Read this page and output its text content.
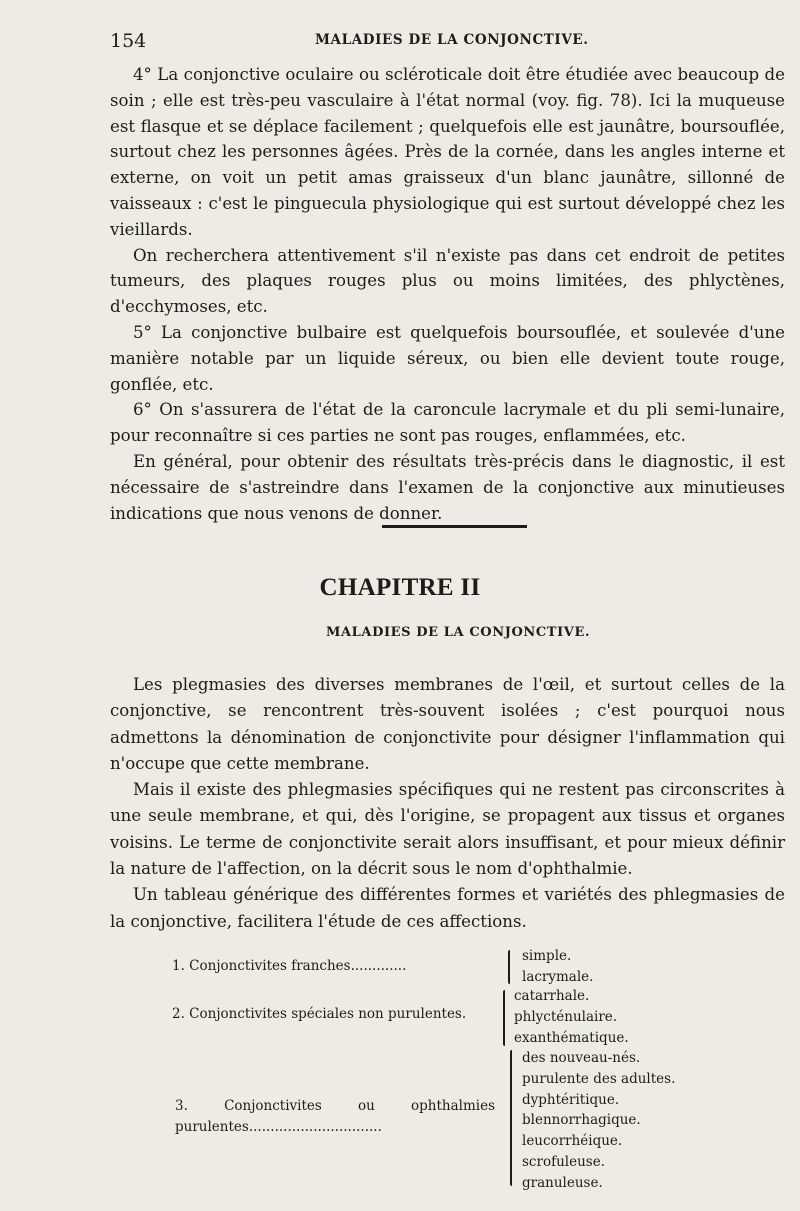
154	MALADIES DE LA CONJONCTIVE.

4° La conjonctive oculaire ou scléroticale doit être étudiée avec beaucoup de soin ; elle est très-peu vasculaire à l'état normal (voy. fig. 78). Ici la muqueuse est flasque et se déplace facilement ; quelquefois elle est jaunâtre, boursouflée, surtout chez les personnes âgées. Près de la cornée, dans les angles interne et externe, on voit un petit amas graisseux d'un blanc jaunâtre, sillonné de vaisseaux : c'est le pinguecula physiologique qui est surtout développé chez les vieillards.

On recherchera attentivement s'il n'existe pas dans cet endroit de petites tumeurs, des plaques rouges plus ou moins limitées, des phlyctènes, d'ecchymoses, etc.

5° La conjonctive bulbaire est quelquefois boursouflée, et soulevée d'une manière notable par un liquide séreux, ou bien elle devient toute rouge, gonflée, etc.

6° On s'assurera de l'état de la caroncule lacrymale et du pli semi-lunaire, pour reconnaître si ces parties ne sont pas rouges, enflammées, etc.

En général, pour obtenir des résultats très-précis dans le diagnostic, il est nécessaire de s'astreindre dans l'examen de la conjonctive aux minutieuses indications que nous venons de donner.

CHAPITRE II
MALADIES DE LA CONJONCTIVE.

Les plegmasies des diverses membranes de l'œil, et surtout celles de la conjonctive, se rencontrent très-souvent isolées ; c'est pourquoi nous admettons la dénomination de conjonctivite pour désigner l'inflammation qui n'occupe que cette membrane.

Mais il existe des phlegmasies spécifiques qui ne restent pas circonscrites à une seule membrane, et qui, dès l'origine, se propagent aux tissus et organes voisins. Le terme de conjonctivite serait alors insuffisant, et pour mieux définir la nature de l'affection, on la décrit sous le nom d'ophthalmie.

Un tableau générique des différentes formes et variétés des phlegmasies de la conjonctive, facilitera l'étude de ces affections.

1. Conjonctivites franches.............
simple.
lacrymale.
2. Conjonctivites spéciales non purulentes.
catarrhale.
phlycténulaire.
exanthématique.
3. Conjonctivites ou ophthalmies purulentes...............................
des nouveau-nés.
purulente des adultes.
dyphtéritique.
blennorrhagique.
leucorrhéique.
scrofuleuse.
granuleuse.
